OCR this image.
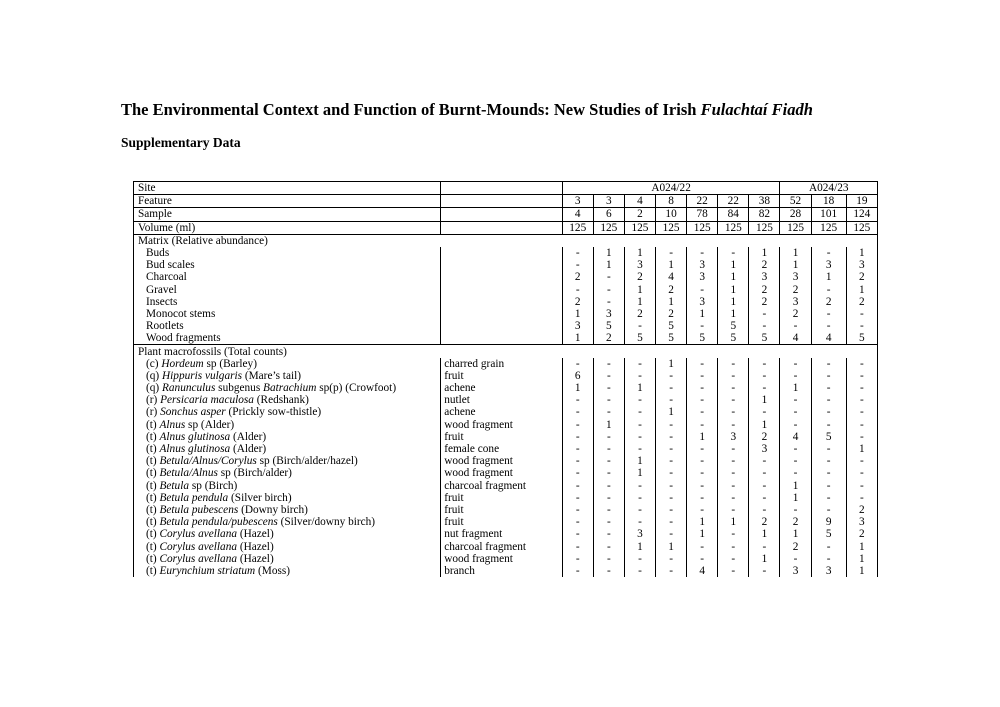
The Environmental Context and Function of Burnt-Mounds: New Studies of Irish Fulachtaí Fiadh
Supplementary Data
Site		A024/22							A024/23		
Feature		3	3	4	8	22	22	38	52	18	19
Sample		4	6	2	10	78	84	82	28	101	124
Volume (ml)		125	125	125	125	125	125	125	125	125	125
Matrix (Relative abundance)											
Buds		-	1	1	-	-	-	1	1	-	1
Bud scales		-	1	3	1	3	1	2	1	3	3
Charcoal		2	-	2	4	3	1	3	3	1	2
Gravel		-	-	1	2	-	1	2	2	-	1
Insects		2	-	1	1	3	1	2	3	2	2
Monocot stems		1	3	2	2	1	1	-	2	-	-
Rootlets		3	5	-	5	-	5	-	-	-	-
Wood fragments		1	2	5	5	5	5	5	4	4	5
Plant macrofossils (Total counts)											
(c) Hordeum sp (Barley)	charred grain	-	-	-	1	-	-	-	-	-	-
(q) Hippuris vulgaris (Mare’s tail)	fruit	6	-	-	-	-	-	-	-	-	-
(q) Ranunculus subgenus Batrachium sp(p) (Crowfoot)	achene	1	-	1	-	-	-	-	1	-	-
(r) Persicaria maculosa (Redshank)	nutlet	-	-	-	-	-	-	1	-	-	-
(r) Sonchus asper (Prickly sow-thistle)	achene	-	-	-	1	-	-	-	-	-	-
(t) Alnus sp (Alder)	wood fragment	-	1	-	-	-	-	1	-	-	-
(t) Alnus glutinosa (Alder)	fruit	-	-	-	-	1	3	2	4	5	-
(t) Alnus glutinosa (Alder)	female cone	-	-	-	-	-	-	3	-	-	1
(t) Betula/Alnus/Corylus sp (Birch/alder/hazel)	wood fragment	-	-	1	-	-	-	-	-	-	-
(t) Betula/Alnus sp (Birch/alder)	wood fragment	-	-	1	-	-	-	-	-	-	-
(t) Betula sp (Birch)	charcoal fragment	-	-	-	-	-	-	-	1	-	-
(t) Betula pendula (Silver birch)	fruit	-	-	-	-	-	-	-	1	-	-
(t) Betula pubescens (Downy birch)	fruit	-	-	-	-	-	-	-	-	-	2
(t) Betula pendula/pubescens (Silver/downy birch)	fruit	-	-	-	-	1	1	2	2	9	3
(t) Corylus avellana (Hazel)	nut fragment	-	-	3	-	1	-	1	1	5	2
(t) Corylus avellana (Hazel)	charcoal fragment	-	-	1	1	-	-	-	2	-	1
(t) Corylus avellana (Hazel)	wood fragment	-	-	-	-	-	-	1	-	-	1
(t) Eurynchium striatum (Moss)	branch	-	-	-	-	4	-	-	3	3	1
